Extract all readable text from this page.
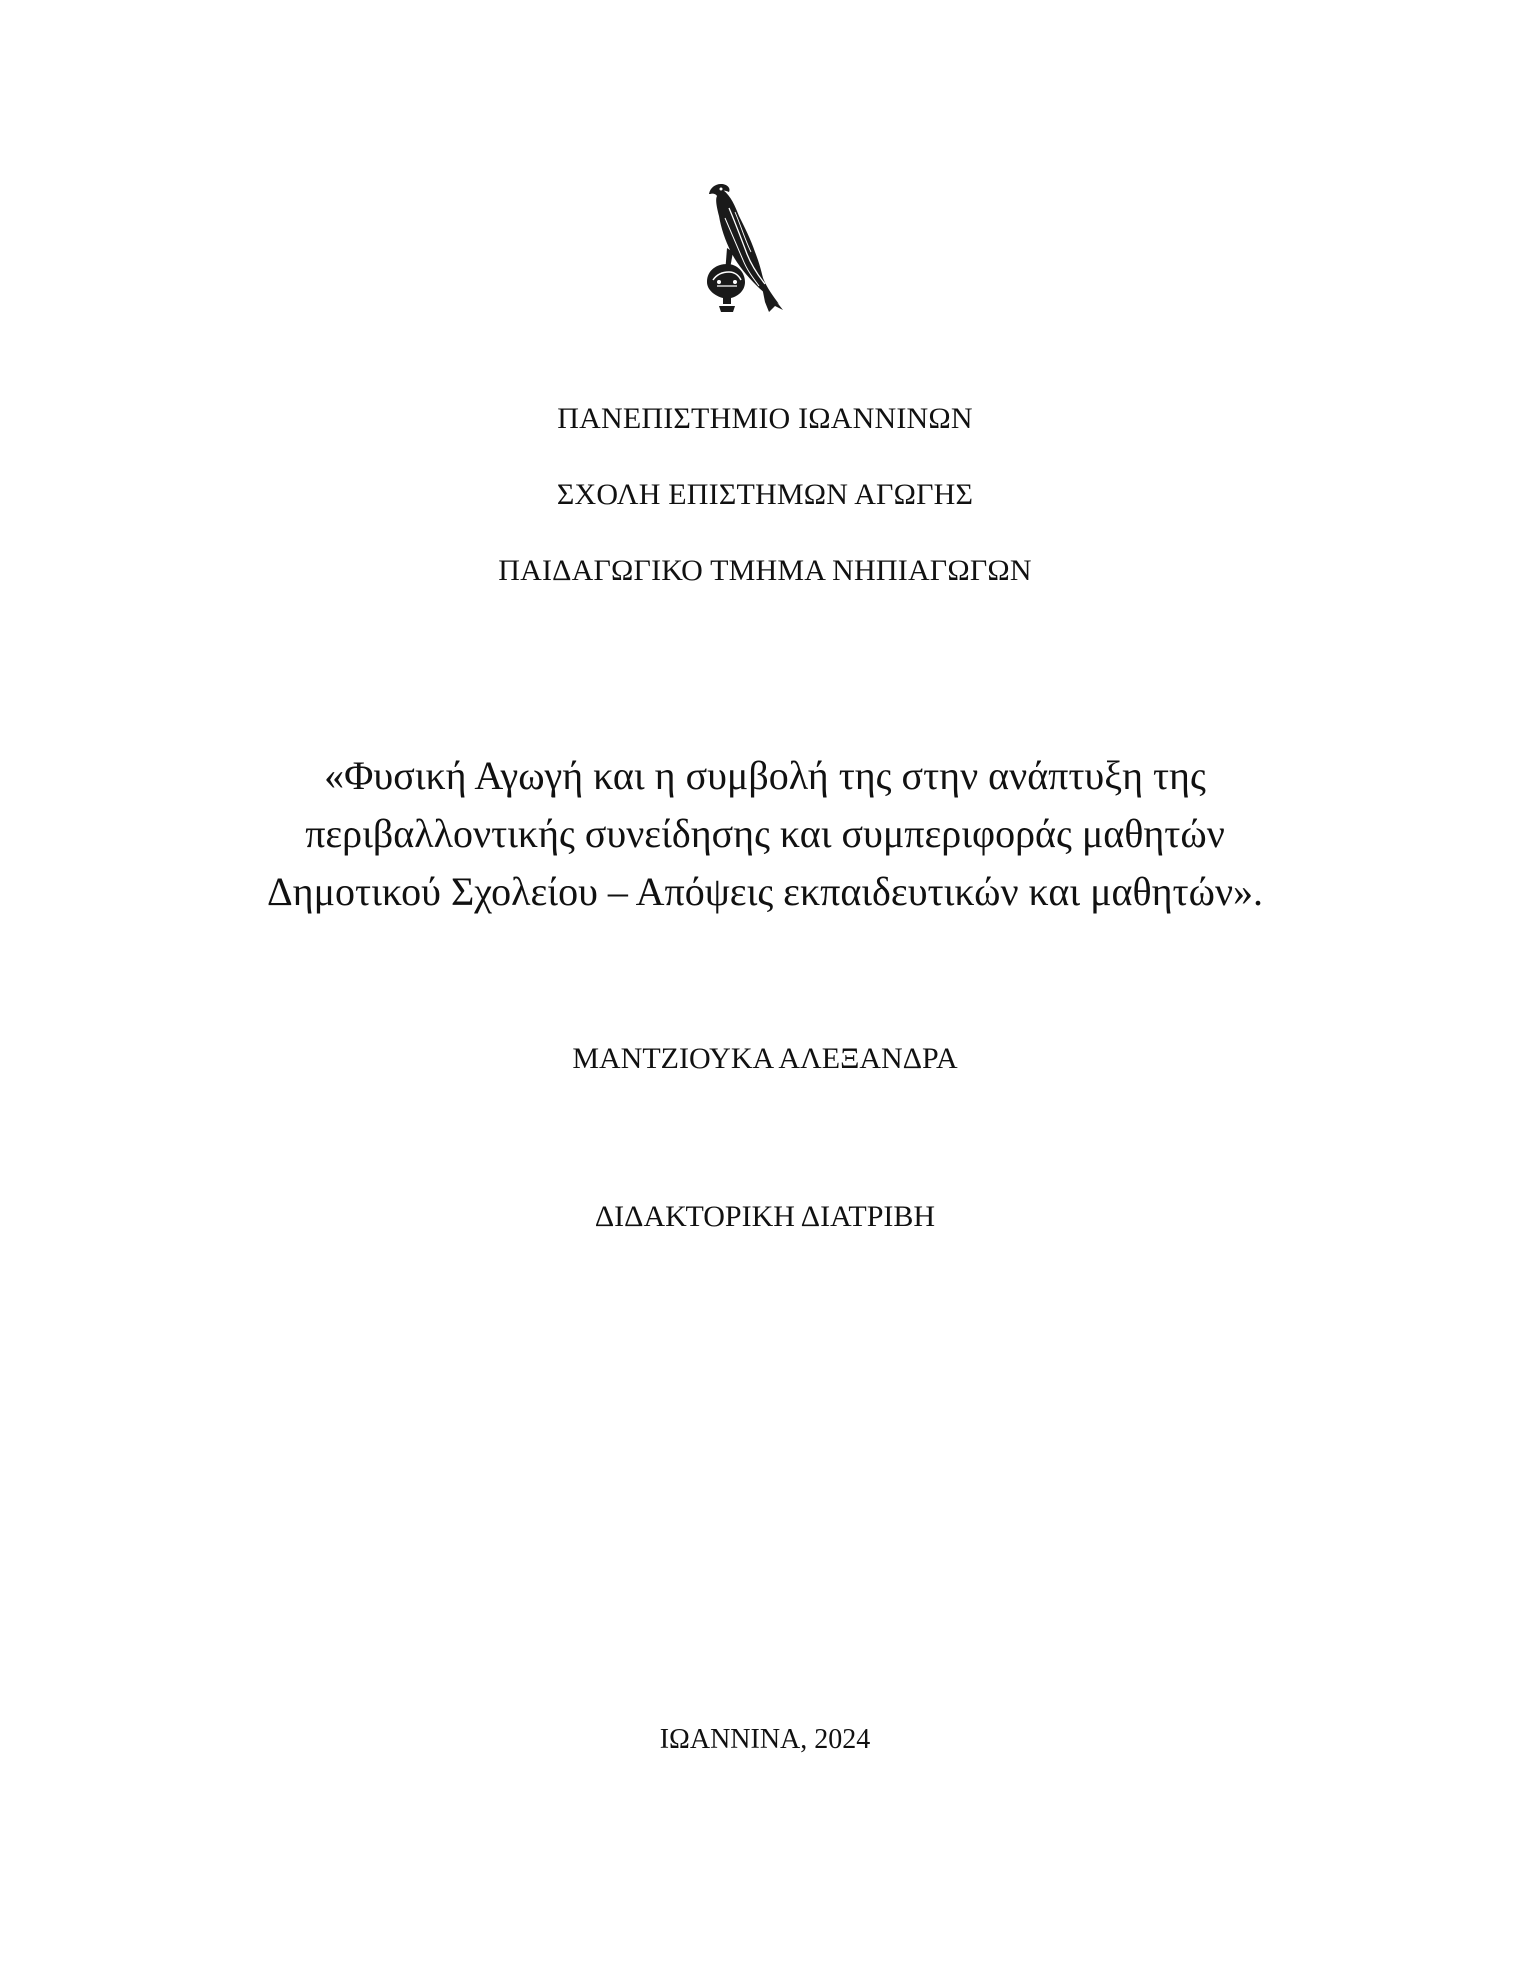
ΠΑΝΕΠΙΣΤΗΜΙΟ ΙΩΑΝΝΙΝΩΝ
ΣΧΟΛΗ ΕΠΙΣΤΗΜΩΝ ΑΓΩΓΗΣ
ΠΑΙΔΑΓΩΓΙΚΟ ΤΜΗΜΑ ΝΗΠΙΑΓΩΓΩΝ
«Φυσική Αγωγή και η συμβολή της στην ανάπτυξη της
περιβαλλοντικής συνείδησης και συμπεριφοράς μαθητών
Δημοτικού Σχολείου – Απόψεις εκπαιδευτικών και μαθητών».
ΜΑΝΤΖΙΟΥΚΑ ΑΛΕΞΑΝΔΡΑ
ΔΙΔΑΚΤΟΡΙΚΗ ΔΙΑΤΡΙΒΗ
ΙΩΑΝΝΙΝΑ, 2024
